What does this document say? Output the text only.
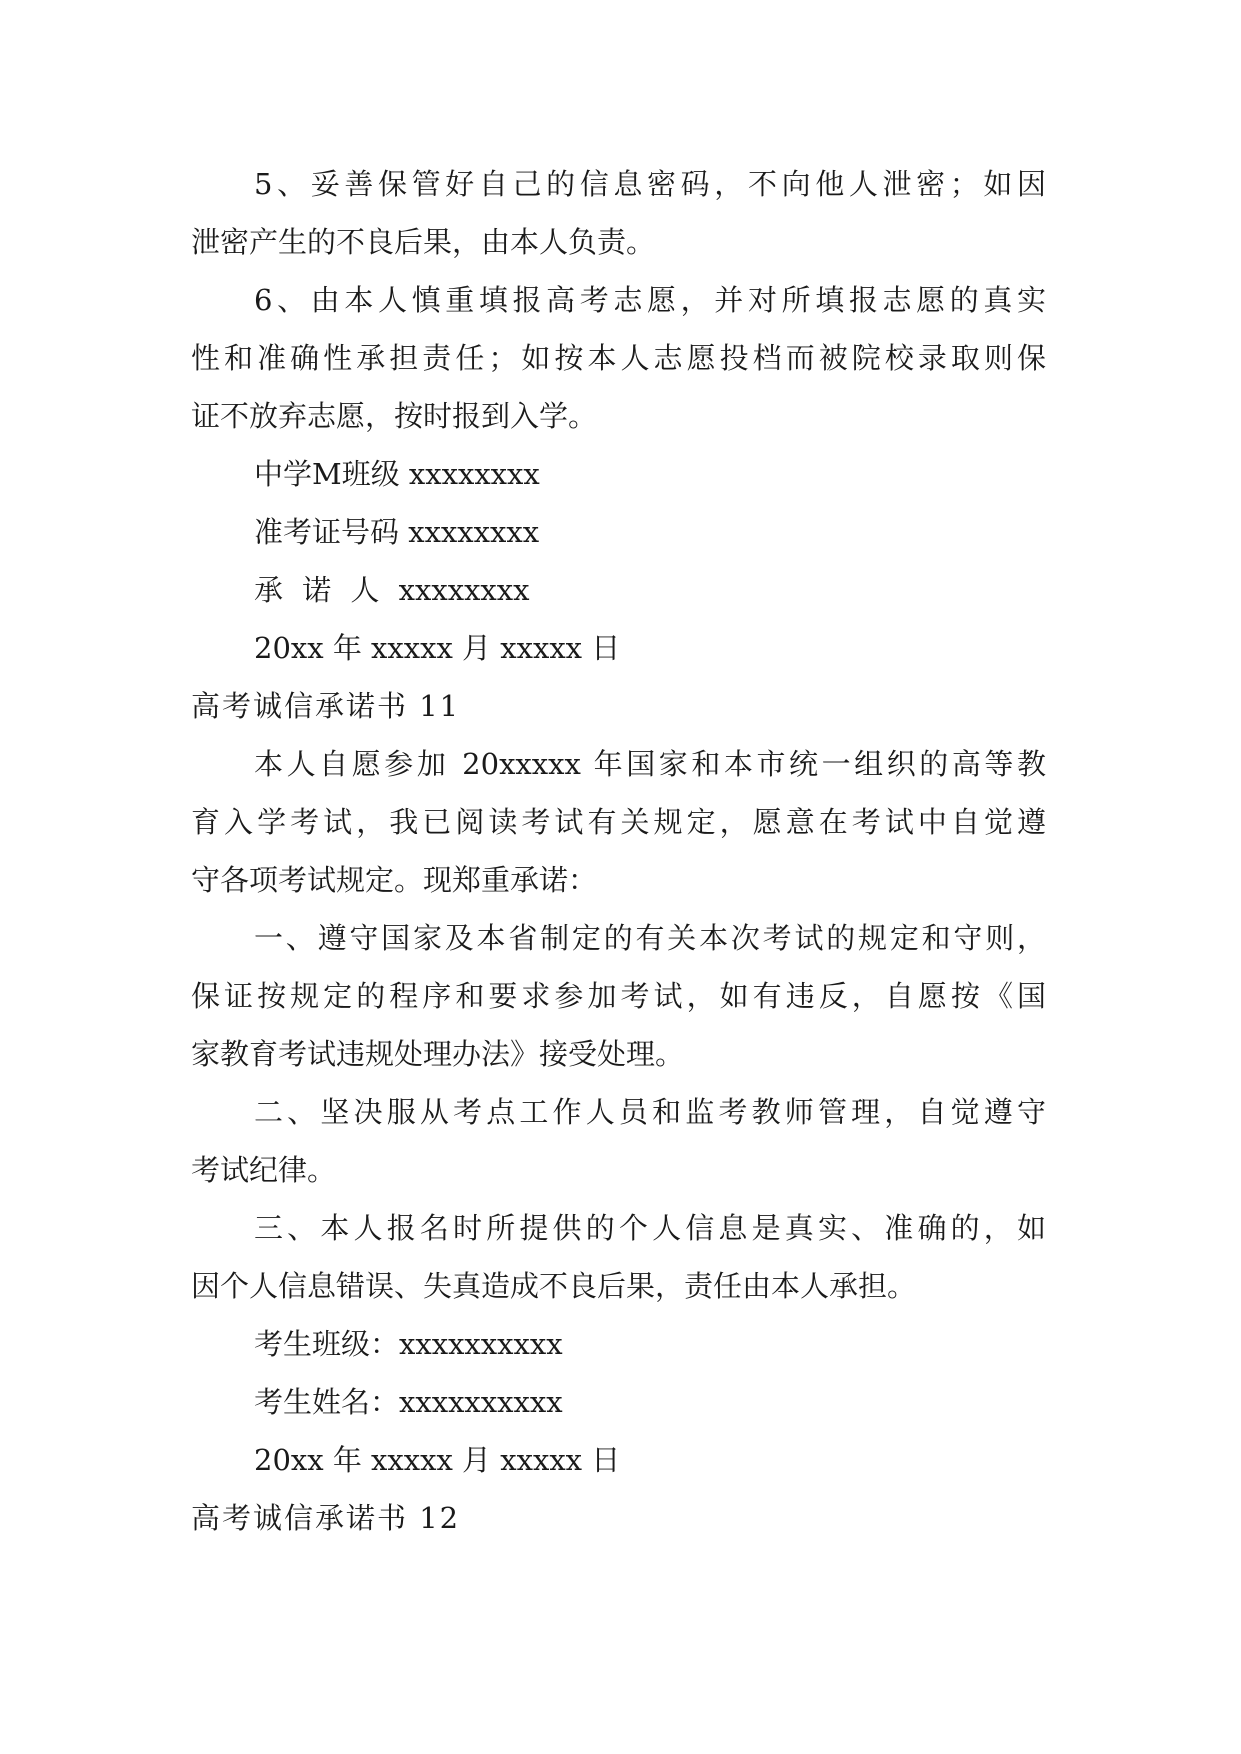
5、妥善保管好自己的信息密码，不向他人泄密；如因
泄密产生的不良后果，由本人负责。
6、由本人慎重填报高考志愿，并对所填报志愿的真实
性和准确性承担责任；如按本人志愿投档而被院校录取则保
证不放弃志愿，按时报到入学。
中学M班级 xxxxxxxx
准考证号码 xxxxxxxx
承 诺 人 xxxxxxxx
20xx 年 xxxxx 月 xxxxx 日
高考诚信承诺书 11
本人自愿参加 20xxxxx 年国家和本市统一组织的高等教
育入学考试，我已阅读考试有关规定，愿意在考试中自觉遵
守各项考试规定。现郑重承诺：
一、遵守国家及本省制定的有关本次考试的规定和守则，
保证按规定的程序和要求参加考试，如有违反，自愿按《国
家教育考试违规处理办法》接受处理。
二、坚决服从考点工作人员和监考教师管理，自觉遵守
考试纪律。
三、本人报名时所提供的个人信息是真实、准确的，如
因个人信息错误、失真造成不良后果，责任由本人承担。
考生班级：xxxxxxxxxx
考生姓名：xxxxxxxxxx
20xx 年 xxxxx 月 xxxxx 日
高考诚信承诺书 12
